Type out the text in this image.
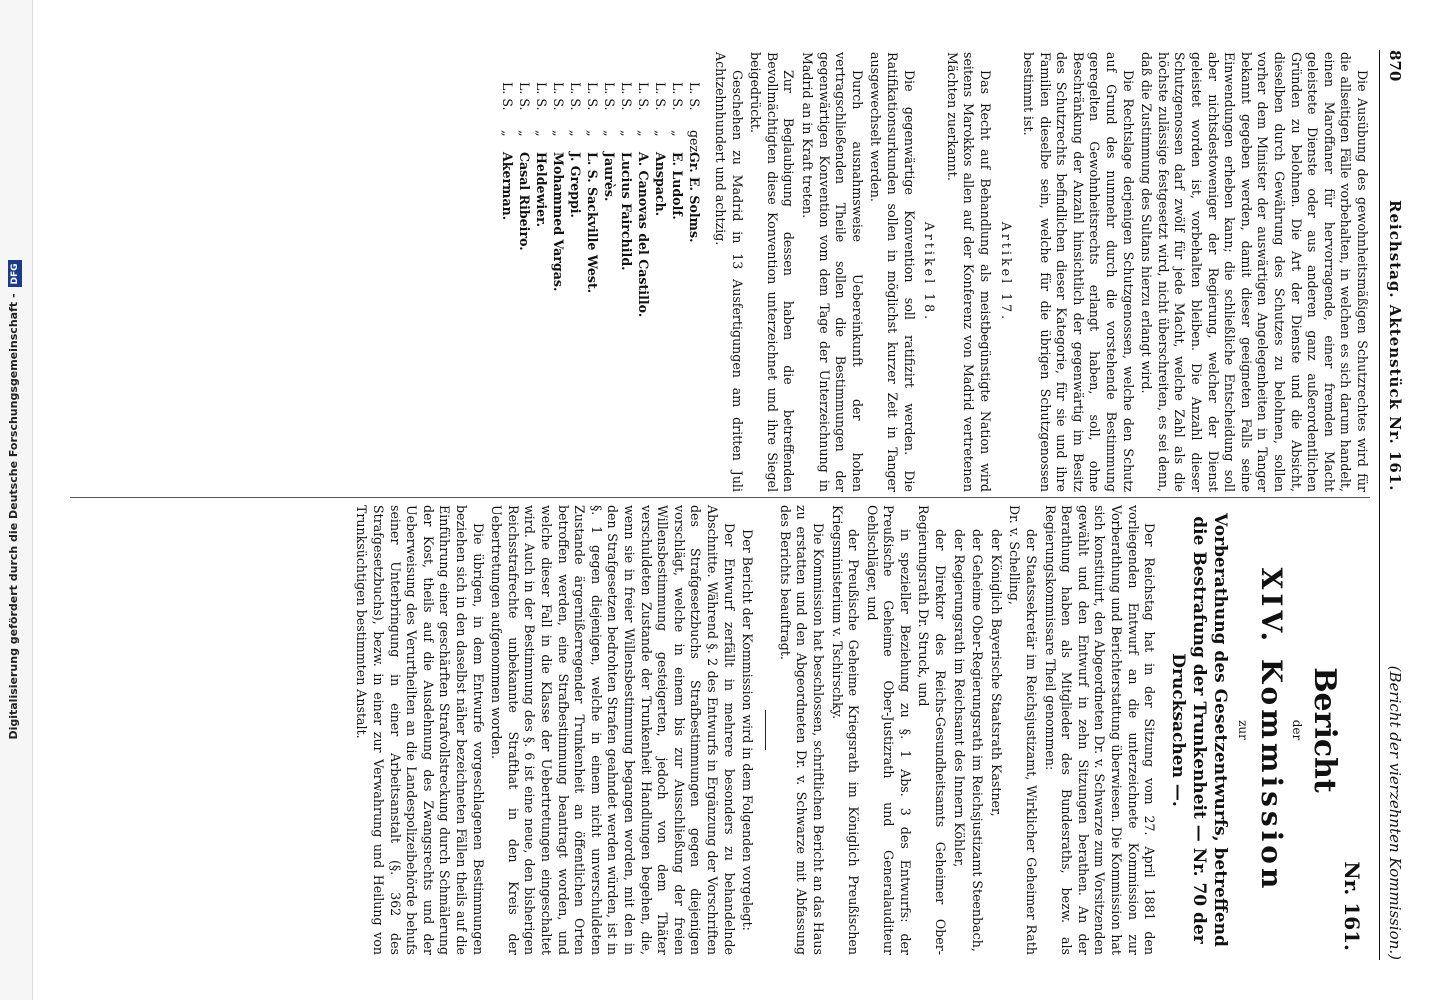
Digitalisierung gefördert durch die Deutsche Forschungsgemeinschaft -DFG
870
Reichstag. Aktenstück Nr. 161.
(Bericht der vierzehnten Kommission.)

Die Ausübung des gewohnheitsmäßigen Schutzrechtes wird für die allseitigen Fälle vorbehalten, in welchen es sich darum handelt, einen Maroffaner für hervorragende, einer fremden Macht geleistete Dienste oder aus anderen ganz außerordentlichen Gründen zu belohnen. Die Art der Dienste und die Absicht, dieselben durch Gewährung des Schutzes zu belohnen, sollen vorher dem Minister der auswärtigen Angelegenheiten in Tanger bekannt gegeben werden, damit dieser geeigneten Falls seine Einwendungen erheben kann; die schließliche Entscheidung soll aber nichtsdestoweniger der Regierung, welcher der Dienst geleistet worden ist, vorbehalten bleiben. Die Anzahl dieser Schutzgenossen darf zwölf für jede Macht, welche Zahl als die höchste zulässige festgesetzt wird, nicht überschreiten, es sei denn, daß die Zustimmung des Sultans hierzu erlangt wird.

Die Rechtslage derjenigen Schutzgenossen, welche den Schutz auf Grund des nunmehr durch die vorstehende Bestimmung geregelten Gewohnheitsrechts erlangt haben, soll, ohne Beschränkung der Anzahl hinsichtlich der gegenwärtig im Besitz des Schutzrechts befindlichen dieser Kategorie, für sie und ihre Familien dieselbe sein, welche für die übrigen Schutzgenossen bestimmt ist.

Artikel 17.

Das Recht auf Behandlung als meistbegünstigte Nation wird seitens Marokkos allen auf der Konferenz von Madrid vertretenen Mächten zuerkannt.

Artikel 18.

Die gegenwärtige Konvention soll ratifizirt werden. Die Ratifikationsurkunden sollen in möglichst kurzer Zeit in Tanger ausgewechselt werden.

Durch ausnahmsweise Uebereinkunft der hohen vertragschließenden Theile sollen die Bestimmungen der gegenwärtigen Konvention vom dem Tage der Unterzeichnung in Madrid an in Kraft treten.

Zur Beglaubigung dessen haben die betreffenden Bevollmächtigten diese Konvention unterzeichnet und ihre Siegel beigedrückt.

Geschehen zu Madrid in 13 Ausfertigungen am dritten Juli Achtzehnhundert und achtzig.

L. S.
gez.
Gr. E. Solms.
L. S.
„
E. Ludolf.
L. S.
„
Anspach.
L. S.
„
A. Canovas del Castillo.
L. S.
„
Lucius Fairchild.
L. S.
„
Jaurès.
L. S.
„
L. S. Sackville West.
L. S.
„
J. Greppi.
L. S.
„
Mohammed Vargas.
L. S.
„
Heldewier.
L. S.
„
Casal Ribeiro.
L. S.
„
Akerman.
Nr. 161.
Bericht
der
XIV. Kommission
zur
Vorberathung des Gesetzentwurfs, betreffend die Bestrafung der Trunkenheit — Nr. 70 der Drucksachen —.

Der Reichstag hat in der Sitzung vom 27. April 1881 den vorliegenden Entwurf an die unterzeichnete Kommission zur Vorberathung und Berichterstattung überwiesen. Die Kommission hat sich konstituirt, den Abgeordneten Dr. v. Schwarze zum Vorsitzenden gewählt und den Entwurf in zehn Sitzungen berathen. An der Berathung haben als Mitglieder des Bundesraths, bezw. als Regierungskommissare Theil genommen:

der Staatssekretär im Reichsjustizamt, Wirklicher Geheimer Rath Dr. v. Schelling,

der Königlich Bayerische Staatsrath Kastner,

der Geheime Ober-Regierungsrath im Reichsjustizamt Steenbach,

der Regierungsrath im Reichsamt des Innern Köhler,

der Direktor des Reichs-Gesundheitsamts Geheimer Ober-Regierungsrath Dr. Struck, und

in spezieller Beziehung zu §. 1 Abs. 3 des Entwurfs: der Preußische Geheime Ober-Justizrath und Generalauditeur Oehlschläger, und

der Preußische Geheime Kriegsrath im Königlich Preußischen Kriegsministerium v. Tschirschky.

Die Kommission hat beschlossen, schriftlichen Bericht an das Haus zu erstatten und den Abgeordneten Dr. v. Schwarze mit Abfassung des Berichts beauftragt.

Der Bericht der Kommission wird in dem Folgenden vorgelegt:

Der Entwurf zerfällt in mehrere besonders zu behandelnde Abschnitte. Während §. 2 des Entwurfs in Ergänzung der Vorschriften des Strafgesetzbuchs Strafbestimmungen gegen diejenigen vorschlägt, welche in einem bis zur Ausschließung der freien Willensbestimmung gesteigerten, jedoch von dem Thäter verschuldeten Zustande der Trunkenheit Handlungen begehen, die, wenn sie in freier Willensbestimmung begangen worden, mit den in den Strafgesetzen bedrohten Strafen geahndet werden würden, ist in §. 1 gegen diejenigen, welche in einem nicht unverschuldeten Zustande ärgernißerregender Trunkenheit an öffentlichen Orten betroffen werden, eine Strafbestimmung beantragt worden, und welche dieser Fall in die Klasse der Uebertretungen eingeschaltet wird. Auch in der Bestimmung des §. 6 ist eine neue, den bisherigen Reichsstrafrechte unbekannte Strafthat in den Kreis der Uebertretungen aufgenommen worden.

Die übrigen, in dem Entwurfe vorgeschlagenen Bestimmungen beziehen sich in den daselbst näher bezeichneten Fällen theils auf die Einführung einer geschärften Strafvollstreckung durch Schmälerung der Kost, theils auf die Ausdehnung des Zwangsrechts und der Ueberweisung des Verurtheilten an die Landespolizeibehörde behufs seiner Unterbringung in einer Arbeitsanstalt (§. 362 des Strafgesetzbuchs), bezw. in einer zur Verwahrung und Heilung von Trunksüchtigen bestimmten Anstalt.
